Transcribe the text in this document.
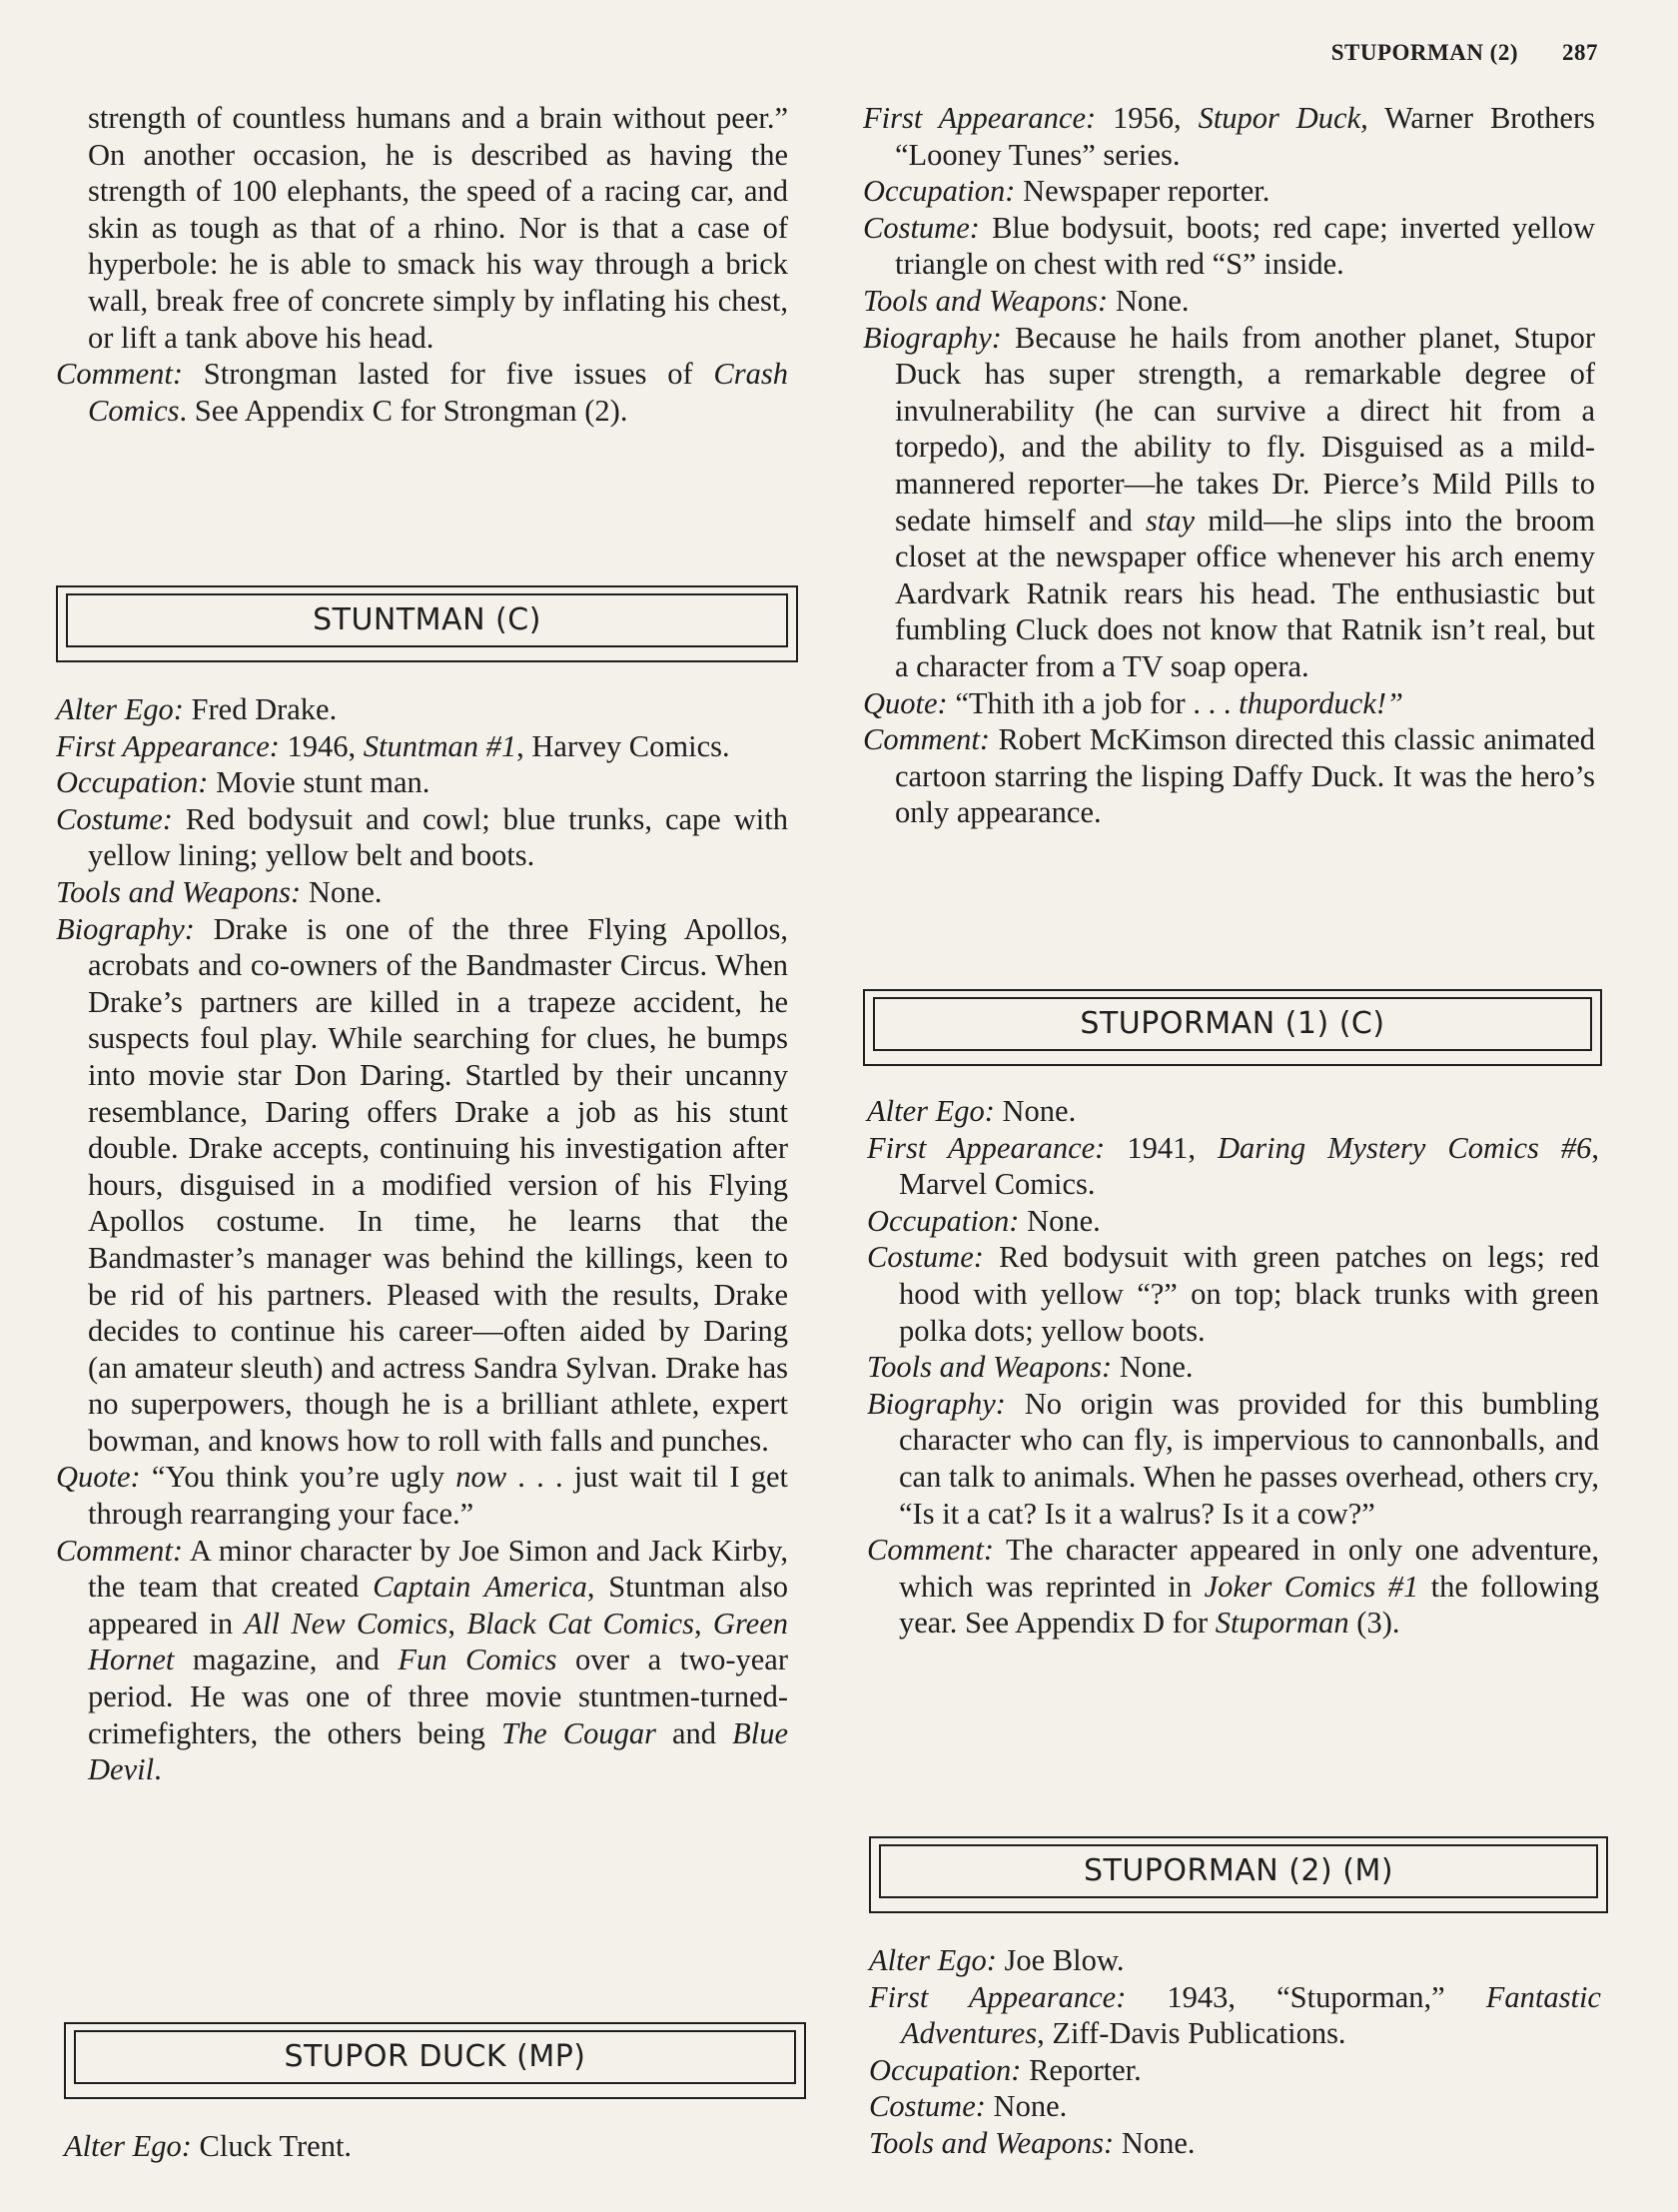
STUPORMAN (2) 287

strength of countless humans and a brain without peer.” On another occasion, he is described as having the strength of 100 elephants, the speed of a racing car, and skin as tough as that of a rhino. Nor is that a case of hyperbole: he is able to smack his way through a brick wall, break free of concrete simply by inflating his chest, or lift a tank above his head.

Comment: Strongman lasted for five issues of Crash Comics. See Appendix C for Strongman (2).

STUNTMAN (C)

Alter Ego: Fred Drake.

First Appearance: 1946, Stuntman #1, Harvey Comics.

Occupation: Movie stunt man.

Costume: Red bodysuit and cowl; blue trunks, cape with yellow lining; yellow belt and boots.

Tools and Weapons: None.

Biography: Drake is one of the three Flying Apollos, acrobats and co-owners of the Bandmaster Circus. When Drake’s partners are killed in a trapeze accident, he suspects foul play. While searching for clues, he bumps into movie star Don Daring. Startled by their uncanny resemblance, Daring offers Drake a job as his stunt double. Drake accepts, continuing his investigation after hours, disguised in a modified version of his Flying Apollos costume. In time, he learns that the Bandmaster’s manager was behind the killings, keen to be rid of his partners. Pleased with the results, Drake decides to continue his career—often aided by Daring (an amateur sleuth) and actress Sandra Sylvan. Drake has no superpowers, though he is a brilliant athlete, expert bowman, and knows how to roll with falls and punches.

Quote: “You think you’re ugly now . . . just wait til I get through rearranging your face.”

Comment: A minor character by Joe Simon and Jack Kirby, the team that created Captain America, Stuntman also appeared in All New Comics, Black Cat Comics, Green Hornet magazine, and Fun Comics over a two-year period. He was one of three movie stuntmen-turned-crimefighters, the others being The Cougar and Blue Devil.

STUPOR DUCK (MP)

Alter Ego: Cluck Trent.

First Appearance: 1956, Stupor Duck, Warner Brothers “Looney Tunes” series.

Occupation: Newspaper reporter.

Costume: Blue bodysuit, boots; red cape; inverted yellow triangle on chest with red “S” inside.

Tools and Weapons: None.

Biography: Because he hails from another planet, Stupor Duck has super strength, a remarkable degree of invulnerability (he can survive a direct hit from a torpedo), and the ability to fly. Disguised as a mild-mannered reporter—he takes Dr. Pierce’s Mild Pills to sedate himself and stay mild—he slips into the broom closet at the newspaper office whenever his arch enemy Aardvark Ratnik rears his head. The enthusiastic but fumbling Cluck does not know that Ratnik isn’t real, but a character from a TV soap opera.

Quote: “Thith ith a job for . . . thuporduck!”

Comment: Robert McKimson directed this classic animated cartoon starring the lisping Daffy Duck. It was the hero’s only appearance.

STUPORMAN (1) (C)

Alter Ego: None.

First Appearance: 1941, Daring Mystery Comics #6, Marvel Comics.

Occupation: None.

Costume: Red bodysuit with green patches on legs; red hood with yellow “?” on top; black trunks with green polka dots; yellow boots.

Tools and Weapons: None.

Biography: No origin was provided for this bumbling character who can fly, is impervious to cannonballs, and can talk to animals. When he passes overhead, others cry, “Is it a cat? Is it a walrus? Is it a cow?”

Comment: The character appeared in only one adventure, which was reprinted in Joker Comics #1 the following year. See Appendix D for Stuporman (3).

STUPORMAN (2) (M)

Alter Ego: Joe Blow.

First Appearance: 1943, “Stuporman,” Fantastic Adventures, Ziff-Davis Publications.

Occupation: Reporter.

Costume: None.

Tools and Weapons: None.
